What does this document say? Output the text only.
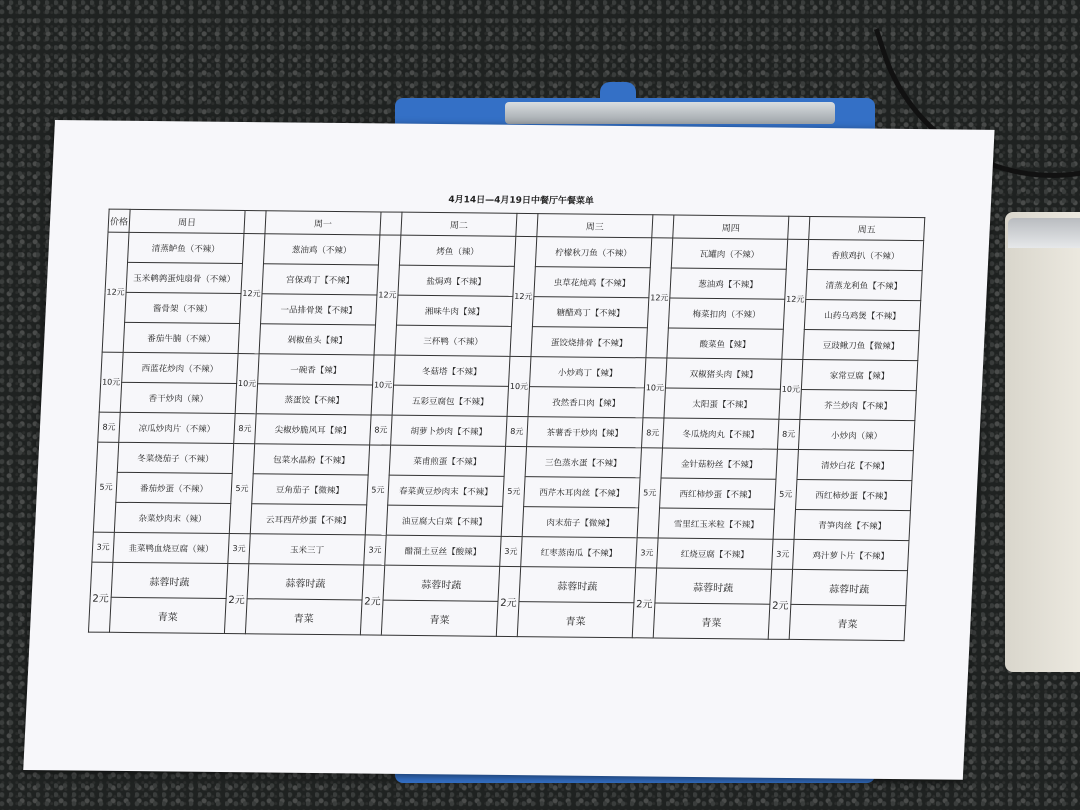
4月14日—4月19日中餐厅午餐菜单
价格	周日		周一		周二		周三		周四		周五
12元	清蒸鲈鱼（不辣）	12元	葱油鸡（不辣）	12元	烤鱼（辣）	12元	柠檬秋刀鱼（不辣）	12元	瓦罐肉（不辣）	12元	香煎鸡扒（不辣）
	玉米鹌鹑蛋炖扇骨（不辣）		宫保鸡丁【不辣】		盐焗鸡【不辣】		虫草花炖鸡【不辣】		葱油鸡【不辣】		清蒸龙利鱼【不辣】
	酱骨架（不辣）		一品排骨煲【不辣】		湘味牛肉【辣】		糖醋鸡丁【不辣】		梅菜扣肉（不辣）		山药乌鸡煲【不辣】
	番茄牛腩（不辣）		剁椒鱼头【辣】		三杯鸭（不辣）		蛋饺烧排骨【不辣】		酸菜鱼【辣】		豆豉鳅刀鱼【微辣】
10元	西蓝花炒肉（不辣）	10元	一碗香【辣】	10元	冬菇塔【不辣】	10元	小炒鸡丁【辣】	10元	双椒猪头肉【辣】	10元	家常豆腐【辣】
	香干炒肉（辣）		蒸蛋饺【不辣】		五彩豆腐包【不辣】		孜然香口肉【辣】		太阳蛋【不辣】		芥兰炒肉【不辣】
8元	凉瓜炒肉片（不辣）	8元	尖椒炒脆风耳【辣】	8元	胡萝卜炒肉【不辣】	8元	茶薯香干炒肉【辣】	8元	冬瓜烧肉丸【不辣】	8元	小炒肉（辣）
5元	冬菜烧茄子（不辣）	5元	包菜水晶粉【不辣】	5元	菜甫煎蛋【不辣】	5元	三色蒸水蛋【不辣】	5元	金针菇粉丝【不辣】	5元	清炒白花【不辣】
	番茄炒蛋（不辣）		豆角茄子【微辣】		春菜黄豆炒肉末【不辣】		西芹木耳肉丝【不辣】		西红柿炒蛋【不辣】		西红柿炒蛋【不辣】
	杂菜炒肉末（辣）		云耳西芹炒蛋【不辣】		油豆腐大白菜【不辣】		肉末茄子【微辣】		雪里红玉米粒【不辣】		青笋肉丝【不辣】
3元	韭菜鸭血烧豆腐（辣）	3元	玉米三丁	3元	醋溜土豆丝【酸辣】	3元	红枣蒸南瓜【不辣】	3元	红烧豆腐【不辣】	3元	鸡汁萝卜片【不辣】
2元	蒜蓉时蔬	2元	蒜蓉时蔬	2元	蒜蓉时蔬	2元	蒜蓉时蔬	2元	蒜蓉时蔬	2元	蒜蓉时蔬
	青菜		青菜		青菜		青菜		青菜		青菜
